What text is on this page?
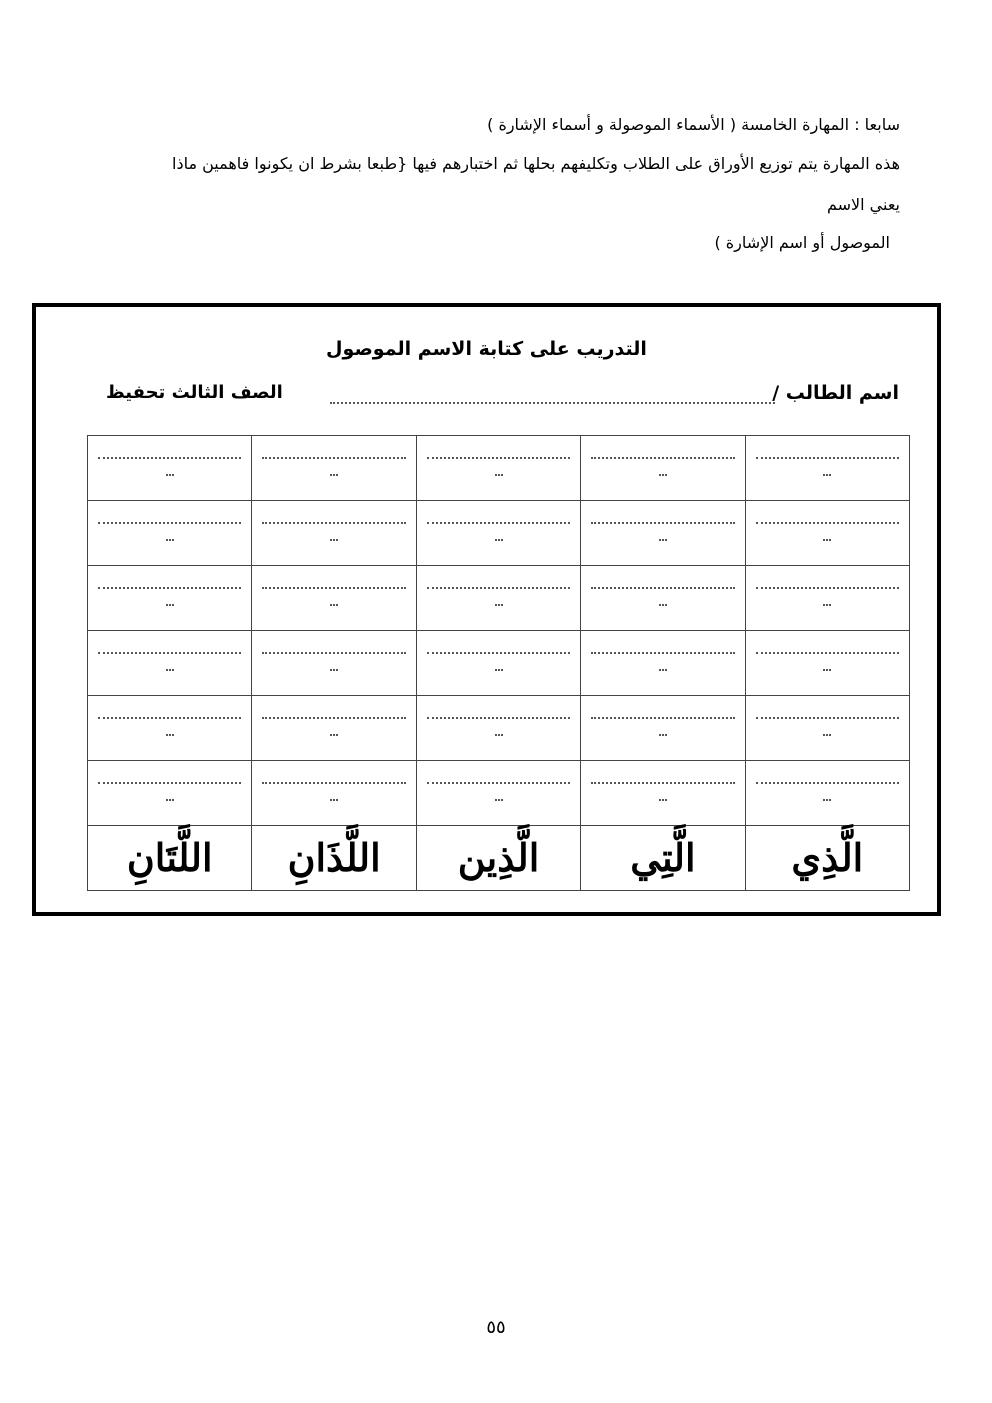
سابعا : المهارة الخامسة ( الأسماء الموصولة و أسماء الإشارة )
هذه المهارة يتم توزيع الأوراق على الطلاب وتكليفهم بحلها ثم اختبارهم فيها {طبعا بشرط ان يكونوا فاهمين ماذا
يعني الاسم
الموصول أو اسم الإشارة )
التدريب على كتابة الاسم الموصول
اسم الطالب /
الصف الثالث تحفيظ

الَّذِي	الَّتِي	الَّذِين	اللَّذَانِ	اللَّتَانِ
٥٥
